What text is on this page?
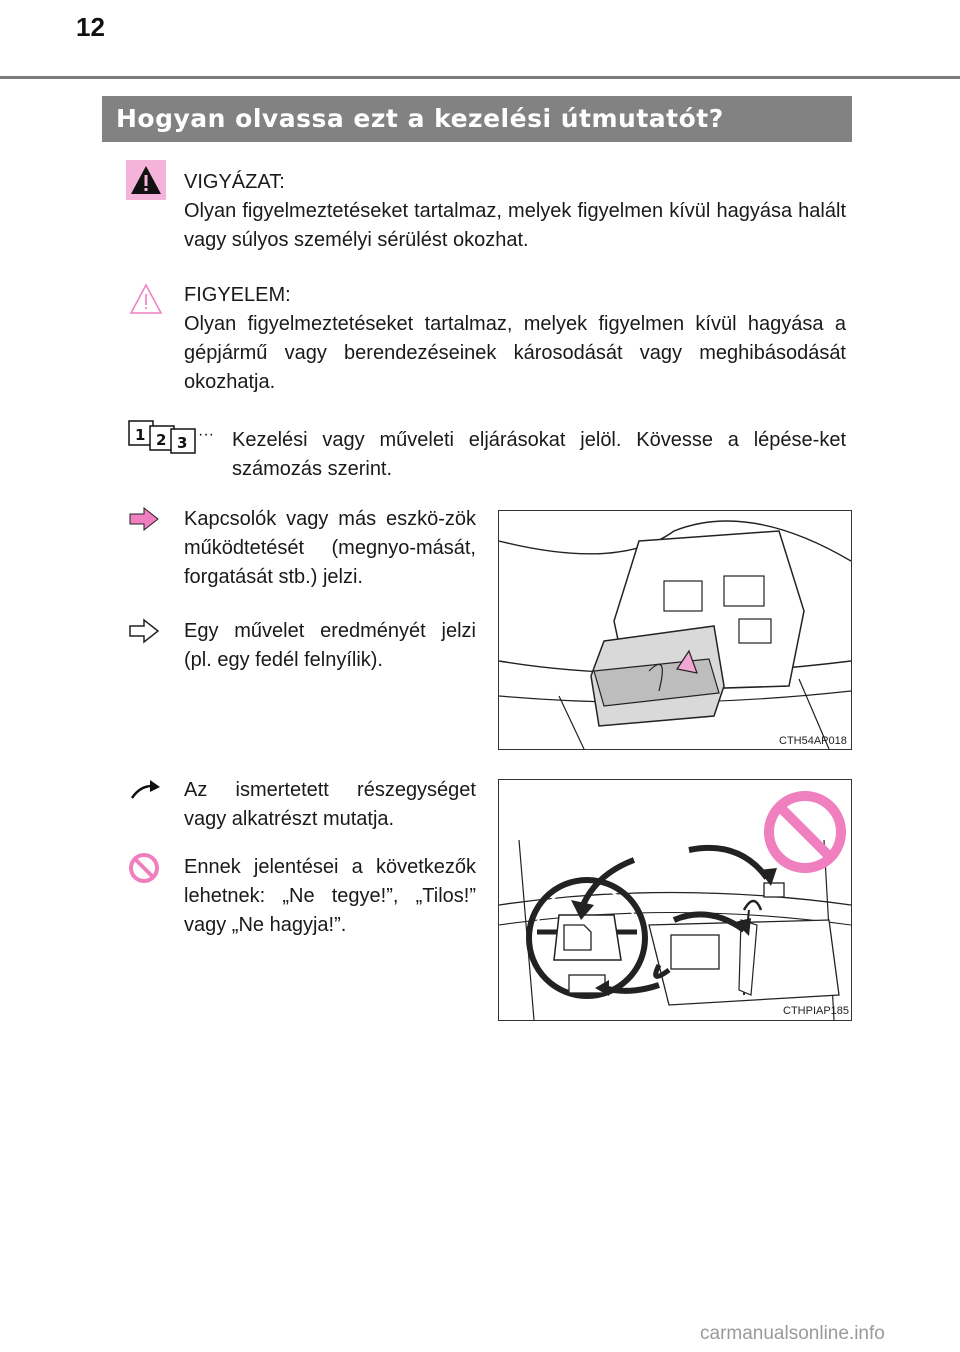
12
Hogyan olvassa ezt a kezelési útmutatót?

VIGYÁZAT:

Olyan figyelmeztetéseket tartalmaz, melyek figyelmen kívül hagyása halált vagy súlyos személyi sérülést okozhat.

FIGYELEM:

Olyan figyelmeztetéseket tartalmaz, melyek figyelmen kívül hagyása a gépjármű vagy berendezéseinek károsodását vagy meghibásodását okozhatja.

1 2 3 ··· Kezelési vagy műveleti eljárásokat jelöl. Kövesse a lépése-ket számozás szerint.

Kapcsolók vagy más eszkö-zök működtetését (megnyo-mását, forgatását stb.) jelzi.

Egy művelet eredményét jelzi (pl. egy fedél felnyílik).

CTH54AP018

Az ismertetett részegységet vagy alkatrészt mutatja.

Ennek jelentései a következők lehetnek: „Ne tegye!”, „Tilos!” vagy „Ne hagyja!”.

CTHPIAP185
carmanualsonline.info
